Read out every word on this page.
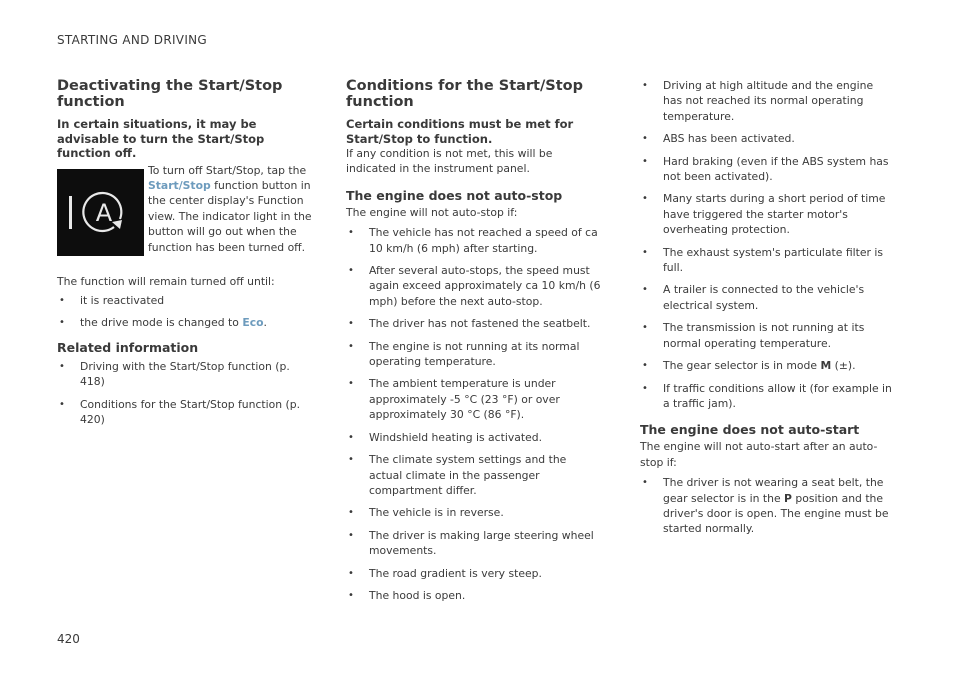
STARTING AND DRIVING
Deactivating the Start/Stop function
In certain situations, it may be advisable to turn the Start/Stop function off.
A

To turn off Start/Stop, tap the Start/Stop function button in the center display's Function view. The indicator light in the button will go out when the function has been turned off.

The function will remain turned off until:

• it is reactivated
• the drive mode is changed to Eco.
Related information
• Driving with the Start/Stop function (p. 418)
• Conditions for the Start/Stop function (p. 420)
Conditions for the Start/Stop function
Certain conditions must be met for Start/Stop to function.

If any condition is not met, this will be indicated in the instrument panel.

The engine does not auto-stop

The engine will not auto-stop if:

• The vehicle has not reached a speed of ca 10 km/h (6 mph) after starting.
• After several auto-stops, the speed must again exceed approximately ca 10 km/h (6 mph) before the next auto-stop.
• The driver has not fastened the seatbelt.
• The engine is not running at its normal operating temperature.
• The ambient temperature is under approximately -5 °C (23 °F) or over approximately 30 °C (86 °F).
• Windshield heating is activated.
• The climate system settings and the actual climate in the passenger compartment differ.
• The vehicle is in reverse.
• The driver is making large steering wheel movements.
• The road gradient is very steep.
• The hood is open.
• Driving at high altitude and the engine has not reached its normal operating temperature.
• ABS has been activated.
• Hard braking (even if the ABS system has not been activated).
• Many starts during a short period of time have triggered the starter motor's overheating protection.
• The exhaust system's particulate filter is full.
• A trailer is connected to the vehicle's electrical system.
• The transmission is not running at its normal operating temperature.
• The gear selector is in mode M (±).
• If traffic conditions allow it (for example in a traffic jam).
The engine does not auto-start

The engine will not auto-start after an auto-stop if:

• The driver is not wearing a seat belt, the gear selector is in the P position and the driver's door is open. The engine must be started normally.
420
